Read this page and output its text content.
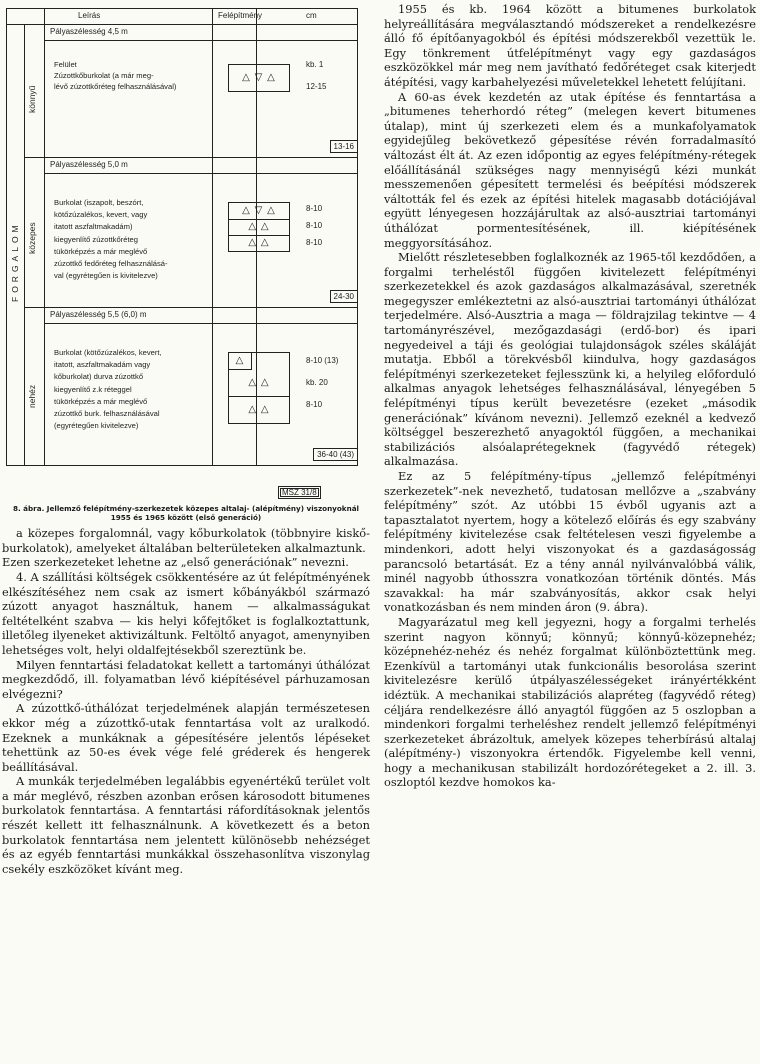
Leírás	Felépítmény	cm
FORGALOM
Pályaszélesség 4,5 m
könnyű
Felület
Zúzottkőburkolat (a már meg-
lévő zúzottkőréteg felhasználásával)
△ ▽ △
kb. 1
12-15
13-16
Pályaszélesség 5,0 m
közepes
Burkolat (iszapolt, beszórt,
kötőzúzalékos, kevert, vagy
itatott aszfaltmakadám)
kiegyenlítő zúzottkőréteg
tükörképzés a már meglévő
zúzottkő fedőréteg felhasználásá-
val (egyrétegűen is kivitelezve)
△ ▽ △
△ △
△ △
8-10
8-10
8-10
24-30
Pályaszélesség 5,5 (6,0) m
nehéz
Burkolat (kötőzúzalékos, kevert,
itatott, aszfaltmakadám vagy
kőburkolat) durva zúzottkő
kiegyenlítő z.k réteggel
tükörképzés a már meglévő
zúzottkő burk. felhasználásával
(egyrétegűen kivitelezve)
△
△ △
△ △
8-10 (13)
kb. 20
8-10
36-40 (43)
MSZ 31/8
8. ábra. Jellemző felépítmény-szerkezetek közepes altalaj- (alépítmény) viszonyoknál 1955 és 1965 között (első generáció)

a közepes forgalomnál, vagy kőburkolatok (többnyire kiskő-burkolatok), amelyeket általában belterületeken alkalmaztunk.

Ezen szerkezeteket lehetne az „első generációnak” nevezni.

4. A szállítási költségek csökkentésére az út felépítményének elkészítéséhez nem csak az ismert kőbányákból származó zúzott anyagot használtuk, hanem — alkalmasságukat feltételként szabva — kis helyi kőfejtőket is foglalkoztattunk, illetőleg ilyeneket aktivizáltunk. Feltöltő anyagot, amenynyiben lehetséges volt, helyi oldalfejtésekből szereztünk be.

Milyen fenntartási feladatokat kellett a tartományi úthálózat megkezdődő, ill. folyamatban lévő kiépítésével párhuzamosan elvégezni?

A zúzottkő-úthálózat terjedelmének alapján természetesen ekkor még a zúzottkő-utak fenntartása volt az uralkodó. Ezeknek a munkáknak a gépesítésére jelentős lépéseket tehettünk az 50-es évek vége felé gréderek és hengerek beállításával.

A munkák terjedelmében legalábbis egyenértékű terület volt a már meglévő, részben azonban erősen károsodott bitumenes burkolatok fenntartása. A fenntartási ráfordításoknak jelentős részét kellett itt felhasználnunk. A következett és a beton burkolatok fenntartása nem jelentett különösebb nehézséget és az egyéb fenntartási munkákkal összehasonlítva viszonylag csekély eszközöket kívánt meg.

1955 és kb. 1964 között a bitumenes burkolatok helyreállítására megválasztandó módszereket a rendelkezésre álló fő építőanyagokból és építési módszerekből vezettük le. Egy tönkrement útfelépítményt vagy egy gazdaságos eszközökkel már meg nem javítható fedőréteget csak kiterjedt átépítési, vagy karbahelyezési műveletekkel lehetett felújítani.

A 60-as évek kezdetén az utak építése és fenntartása a „bitumenes teherhordó réteg” (melegen kevert bitumenes útalap), mint új szerkezeti elem és a munkafolyamatok egyidejűleg bekövetkező gépesítése révén forradalmasító változást élt át. Az ezen időpontig az egyes felépítmény-rétegek előállításánál szükséges nagy mennyiségű kézi munkát messzemenően gépesített termelési és beépítési módszerek váltották fel és ezek az építési hitelek magasabb dotációjával együtt lényegesen hozzájárultak az alsó-ausztriai tartományi úthálózat pormentesítésének, ill. kiépítésének meggyorsításához.

Mielőtt részletesebben foglalkoznék az 1965-től kezdődően, a forgalmi terheléstől függően kivitelezett felépítményi szerkezetekkel és azok gazdaságos alkalmazásával, szeretnék megegyszer emlékeztetni az alsó-ausztriai tartományi úthálózat terjedelmére. Alsó-Ausztria a maga — földrajzilag tekintve — 4 tartományrészével, mezőgazdasági (erdő-bor) és ipari negyedeivel a táji és geológiai tulajdonságok széles skáláját mutatja. Ebből a törekvésből kiindulva, hogy gazdaságos felépítményi szerkezeteket fejlesszünk ki, a helyileg előforduló alkalmas anyagok lehetséges felhasználásával, lényegében 5 felépítményi típus került bevezetésre (ezeket „második generációnak” kívánom nevezni). Jellemző ezeknél a kedvező költséggel beszerezhető anyagoktól függően, a mechanikai stabilizációs alsóalaprétegeknek (fagyvédő rétegek) alkalmazása.

Ez az 5 felépítmény-típus „jellemző felépítményi szerkezetek”-nek nevezhető, tudatosan mellőzve a „szabvány felépítmény” szót. Az utóbbi 15 évből ugyanis azt a tapasztalatot nyertem, hogy a kötelező előírás és egy szabvány felépítmény kivitelezése csak feltételesen veszi figyelembe a mindenkori, adott helyi viszonyokat és a gazdaságosság parancsoló betartását. Ez a tény annál nyilvánvalóbbá válik, minél nagyobb úthosszra vonatkozóan történik döntés. Más szavakkal: ha már szabványosítás, akkor csak helyi vonatkozásban és nem minden áron (9. ábra).

Magyarázatul meg kell jegyezni, hogy a forgalmi terhelés szerint nagyon könnyű; könnyű; könnyű-közepnehéz; középnehéz-nehéz és nehéz forgalmat különböztettünk meg. Ezenkívül a tartományi utak funkcionális besorolása szerint kivitelezésre kerülő útpályaszélességeket irányértékként idéztük. A mechanikai stabilizációs alapréteg (fagyvédő réteg) céljára rendelkezésre álló anyagtól függően az 5 oszlopban a mindenkori forgalmi terheléshez rendelt jellemző felépítményi szerkezeteket ábrázoltuk, amelyek közepes teherbírású altalaj (alépítmény-) viszonyokra értendők. Figyelembe kell venni, hogy a mechanikusan stabilizált hordozórétegeket a 2. ill. 3. oszloptól kezdve homokos ka-
